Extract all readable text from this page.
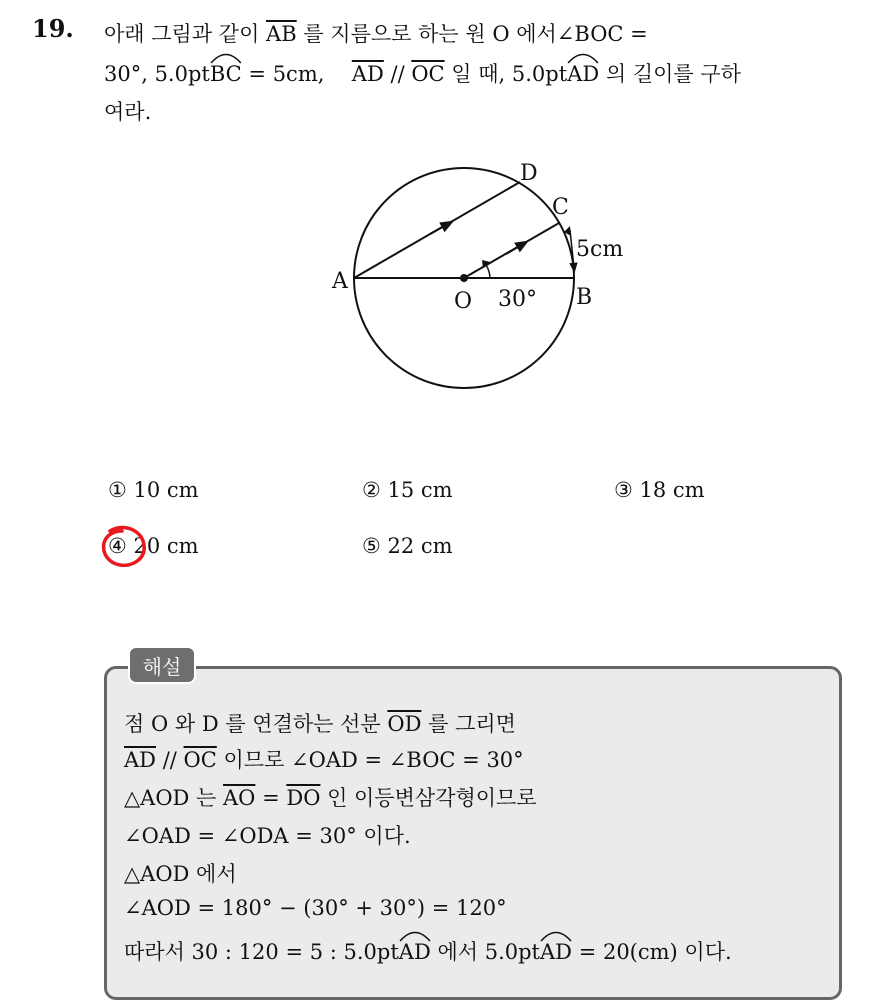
19. 아래 그림과 같이 $\overline{AB}$ 를 지름으로 하는 원 O 에서∠BOC =
30°, 5.0pt
BC = 5cm, $\overline{AD} // \overline{OC}$ 일 때, 5.0pt
AD 의 길이를 구하
여라.
A
B
C
D
O 30°
5cm
① 10 cm	② 15 cm	③ 18 cm
④ 20 cm	⑤ 22 cm
해설
점 O 와 D 를 연결하는 선분 $\overline{OD}$ 를 그리면
$\overline{AD} // \overline{OC}$ 이므로 ∠OAD = ∠BOC = 30°
△AOD 는 $\overline{AO} = \overline{DO}$ 인 이등변삼각형이므로
∠OAD = ∠ODA = 30° 이다.
△AOD 에서
∠AOD = 180° − (30° + 30°) = 120°
따라서 30 : 120 = 5 : 5.0pt
AD 에서 5.0pt
AD = 20(cm) 이다.
